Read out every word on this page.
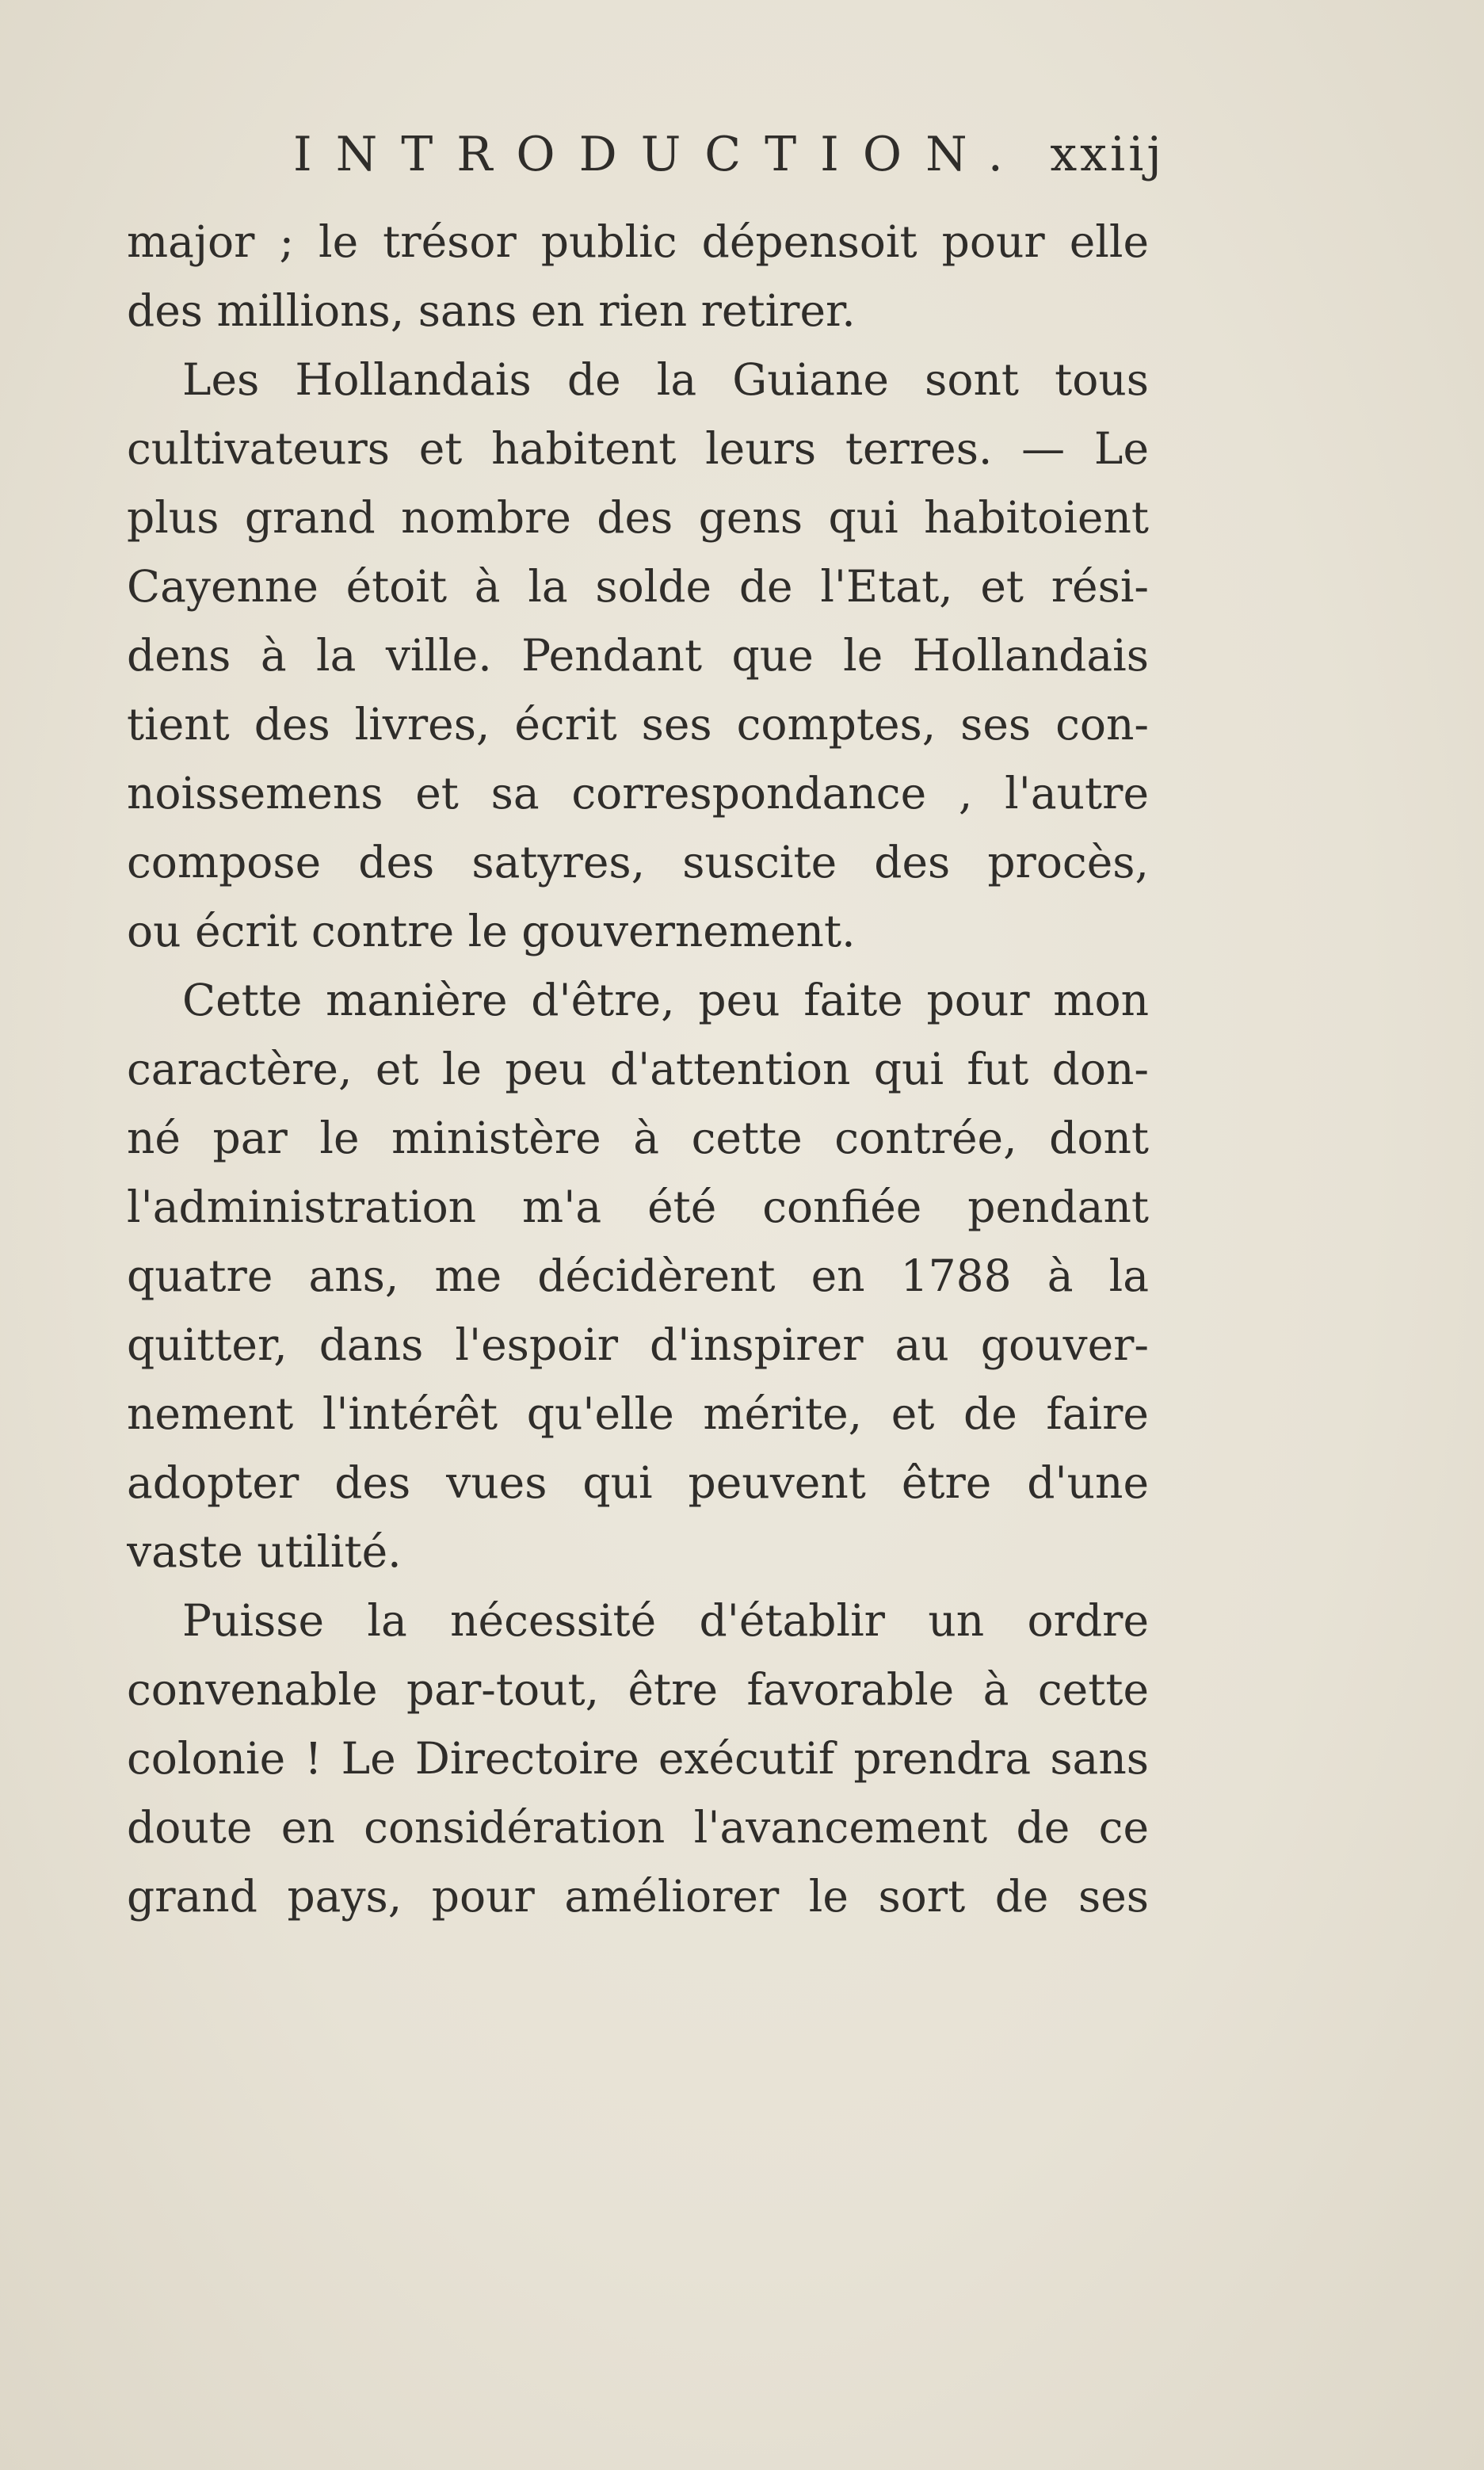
INTRODUCTION. xxiij
major ; le trésor public dépensoit pour elle
des millions, sans en rien retirer.
Les Hollandais de la Guiane sont tous
cultivateurs et habitent leurs terres. — Le
plus grand nombre des gens qui habitoient
Cayenne étoit à la solde de l'Etat, et rési-
dens à la ville. Pendant que le Hollandais
tient des livres, écrit ses comptes, ses con-
noissemens et sa correspondance , l'autre
compose des satyres, suscite des procès,
ou écrit contre le gouvernement.
Cette manière d'être, peu faite pour mon
caractère, et le peu d'attention qui fut don-
né par le ministère à cette contrée, dont
l'administration m'a été confiée pendant
quatre ans, me décidèrent en 1788 à la
quitter, dans l'espoir d'inspirer au gouver-
nement l'intérêt qu'elle mérite, et de faire
adopter des vues qui peuvent être d'une
vaste utilité.
Puisse la nécessité d'établir un ordre
convenable par-tout, être favorable à cette
colonie ! Le Directoire exécutif prendra sans
doute en considération l'avancement de ce
grand pays, pour améliorer le sort de ses
